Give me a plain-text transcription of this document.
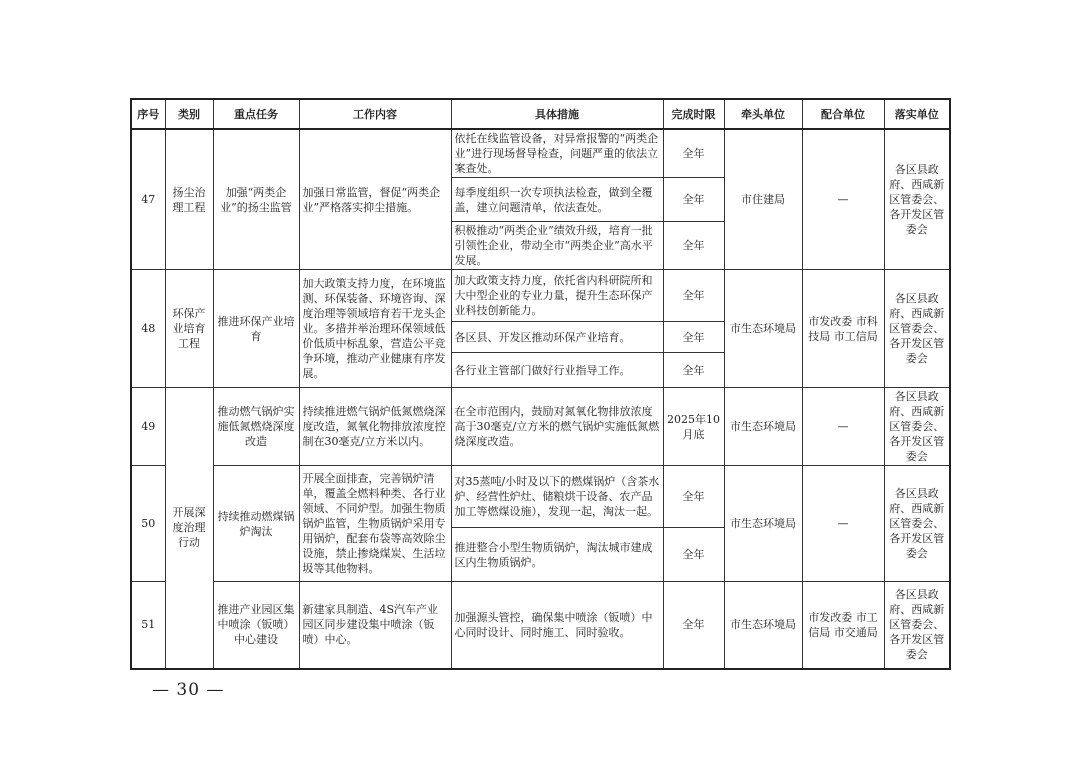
序号	类别	重点任务	工作内容	具体措施	完成时限	牵头单位	配合单位	落实单位
47	扬尘治理工程	加强“两类企业”的扬尘监管	加强日常监管，督促“两类企业”严格落实抑尘措施。	依托在线监管设备，对异常报警的“两类企业”进行现场督导检查，问题严重的依法立案查处。	全年	市住建局	—	各区县政府、西咸新区管委会、各开发区管委会
				每季度组织一次专项执法检查，做到全覆盖，建立问题清单，依法查处。	全年			
				积极推动“两类企业”绩效升级，培育一批引领性企业，带动全市“两类企业”高水平发展。	全年			
48	环保产业培育工程	推进环保产业培育	加大政策支持力度，在环境监测、环保装备、环境咨询、深度治理等领域培育若干龙头企业。多措并举治理环保领域低价低质中标乱象，营造公平竞争环境，推动产业健康有序发展。	加大政策支持力度，依托省内科研院所和大中型企业的专业力量，提升生态环保产业科技创新能力。	全年	市生态环境局	市发改委 市科技局 市工信局	各区县政府、西咸新区管委会、各开发区管委会
				各区县、开发区推动环保产业培育。	全年			
				各行业主管部门做好行业指导工作。	全年			
49	开展深度治理行动	推动燃气锅炉实施低氮燃烧深度改造	持续推进燃气锅炉低氮燃烧深度改造，氮氧化物排放浓度控制在30毫克/立方米以内。	在全市范围内，鼓励对氮氧化物排放浓度高于30毫克/立方米的燃气锅炉实施低氮燃烧深度改造。	2025年10月底	市生态环境局	—	各区县政府、西咸新区管委会、各开发区管委会
50		持续推动燃煤锅炉淘汰	开展全面排查，完善锅炉清单，覆盖全燃料种类、各行业领域、不同炉型。加强生物质锅炉监管，生物质锅炉采用专用锅炉，配套布袋等高效除尘设施，禁止掺烧煤炭、生活垃圾等其他物料。	对35蒸吨/小时及以下的燃煤锅炉（含茶水炉、经营性炉灶、储粮烘干设备、农产品加工等燃煤设施），发现一起，淘汰一起。	全年	市生态环境局	—	各区县政府、西咸新区管委会、各开发区管委会
				推进整合小型生物质锅炉，淘汰城市建成区内生物质锅炉。	全年			
51		推进产业园区集中喷涂（钣喷）中心建设	新建家具制造、4S汽车产业园区同步建设集中喷涂（钣喷）中心。	加强源头管控，确保集中喷涂（钣喷）中心同时设计、同时施工、同时验收。	全年	市生态环境局	市发改委 市工信局 市交通局	各区县政府、西咸新区管委会、各开发区管委会
— 30 —
